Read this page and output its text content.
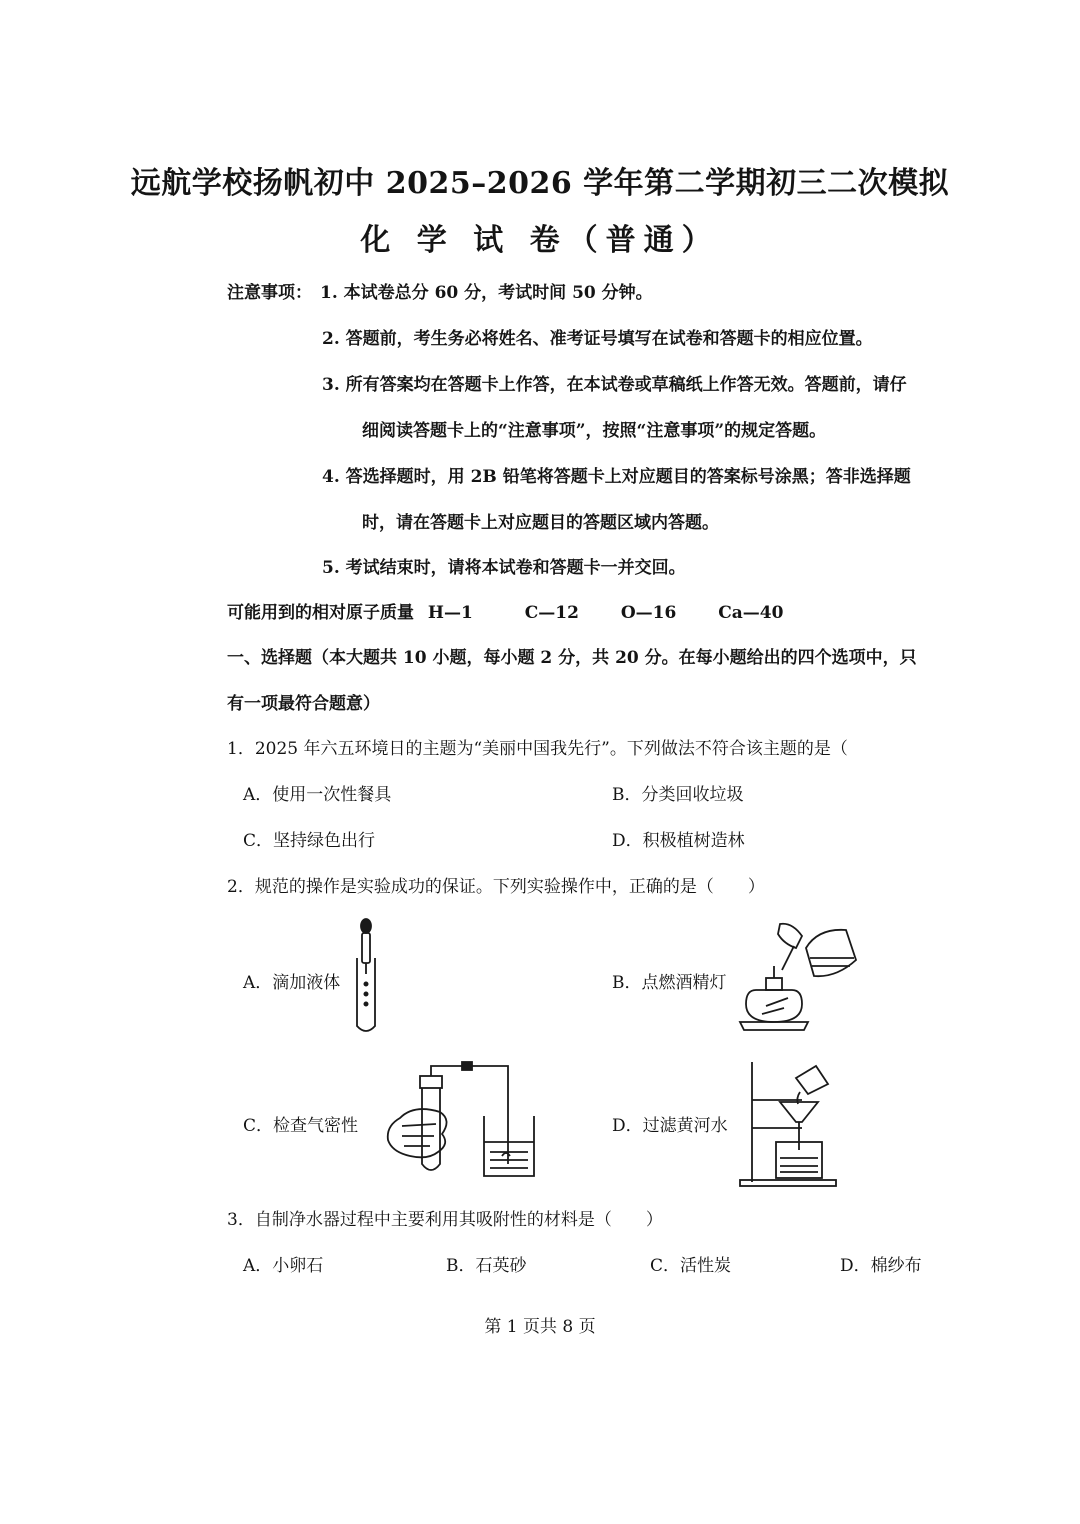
远航学校扬帆初中 2025–2026 学年第二学期初三二次模拟
化 学 试 卷（普通）
注意事项： 1. 本试卷总分 60 分，考试时间 50 分钟。
2. 答题前，考生务必将姓名、准考证号填写在试卷和答题卡的相应位置。
3. 所有答案均在答题卡上作答，在本试卷或草稿纸上作答无效。答题前，请仔
细阅读答题卡上的“注意事项”，按照“注意事项”的规定答题。
4. 答选择题时，用 2B 铅笔将答题卡上对应题目的答案标号涂黑；答非选择题
时，请在答题卡上对应题目的答题区域内答题。
5. 考试结束时，请将本试卷和答题卡一并交回。
可能用到的相对原子质量 H—1	C—12 O—16 Ca—40
一、选择题（本大题共 10 小题，每小题 2 分，共 20 分。在每小题给出的四个选项中，只
有一项最符合题意）
1．2025 年六五环境日的主题为“美丽中国我先行”。下列做法不符合该主题的是（
A．使用一次性餐具	B．分类回收垃圾
C．坚持绿色出行	D．积极植树造林
2．规范的操作是实验成功的保证。下列实验操作中，正确的是（　　）
A．滴加液体	B．点燃酒精灯
C．检查气密性	D．过滤黄河水
3．自制净水器过程中主要利用其吸附性的材料是（　　）
A．小卵石	B．石英砂	C．活性炭	D．棉纱布
第 1 页共 8 页
